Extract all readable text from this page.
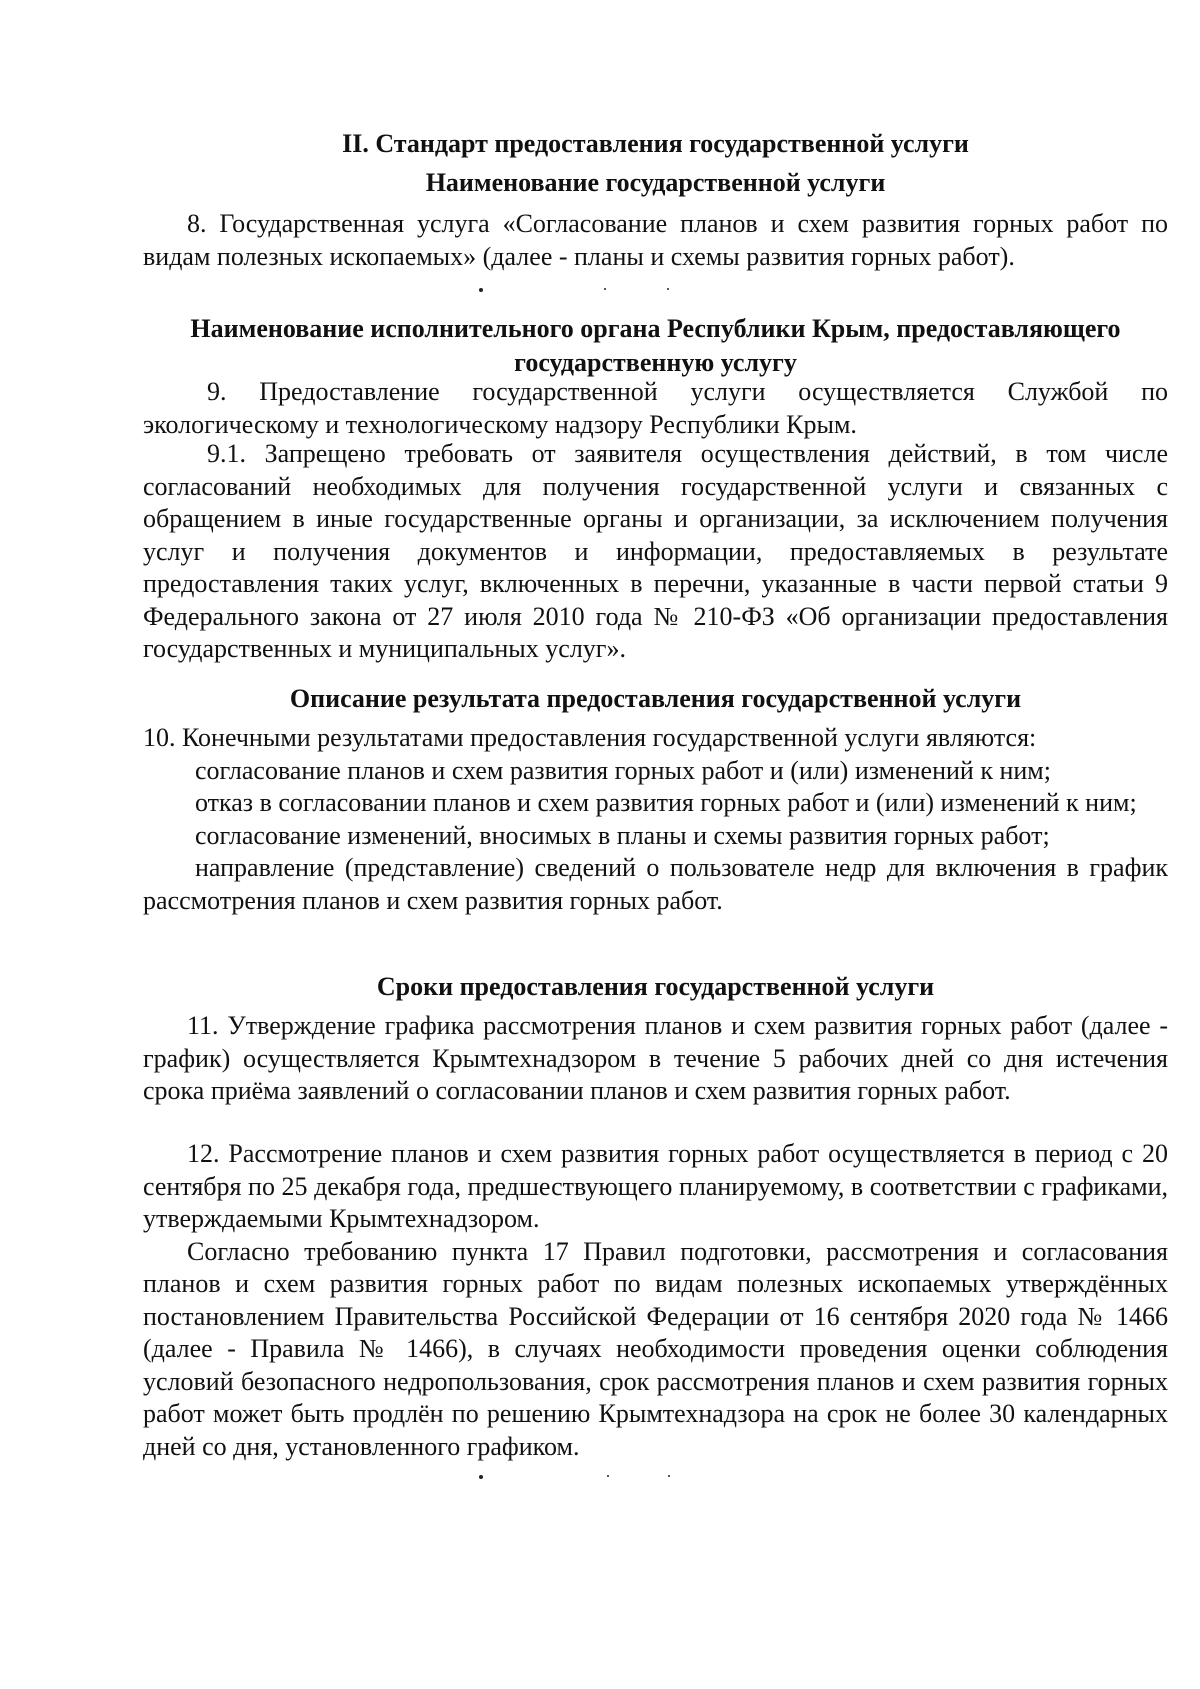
II. Стандарт предоставления государственной услуги

Наименование государственной услуги

8. Государственная услуга «Согласование планов и схем развития горных работ по видам полезных ископаемых» (далее - планы и схемы развития горных работ).

Наименование исполнительного органа Республики Крым, предоставляющего государственную услугу

9. Предоставление государственной услуги осуществляется Службой по экологическому и технологическому надзору Республики Крым.

9.1. Запрещено требовать от заявителя осуществления действий, в том числе согласований необходимых для получения государственной услуги и связанных с обращением в иные государственные органы и организации, за исключением получения услуг и получения документов и информации, предоставляемых в результате предоставления таких услуг, включенных в перечни, указанные в части первой статьи 9 Федерального закона от 27 июля 2010 года № 210-ФЗ «Об организации предоставления государственных и муниципальных услуг».

Описание результата предоставления государственной услуги

10. Конечными результатами предоставления государственной услуги являются:

согласование планов и схем развития горных работ и (или) изменений к ним;

отказ в согласовании планов и схем развития горных работ и (или) изменений к ним;

согласование изменений, вносимых в планы и схемы развития горных работ;

направление (представление) сведений о пользователе недр для включения в график рассмотрения планов и схем развития горных работ.

Сроки предоставления государственной услуги

11. Утверждение графика рассмотрения планов и схем развития горных работ (далее - график) осуществляется Крымтехнадзором в течение 5 рабочих дней со дня истечения срока приёма заявлений о согласовании планов и схем развития горных работ.

12. Рассмотрение планов и схем развития горных работ осуществляется в период с 20 сентября по 25 декабря года, предшествующего планируемому, в соответствии с графиками, утверждаемыми Крымтехнадзором.

Согласно требованию пункта 17 Правил подготовки, рассмотрения и согласования планов и схем развития горных работ по видам полезных ископаемых утверждённых постановлением Правительства Российской Федерации от 16 сентября 2020 года № 1466 (далее - Правила № 1466), в случаях необходимости проведения оценки соблюдения условий безопасного недропользования, срок рассмотрения планов и схем развития горных работ может быть продлён по решению Крымтехнадзора на срок не более 30 календарных дней со дня, установленного графиком.
